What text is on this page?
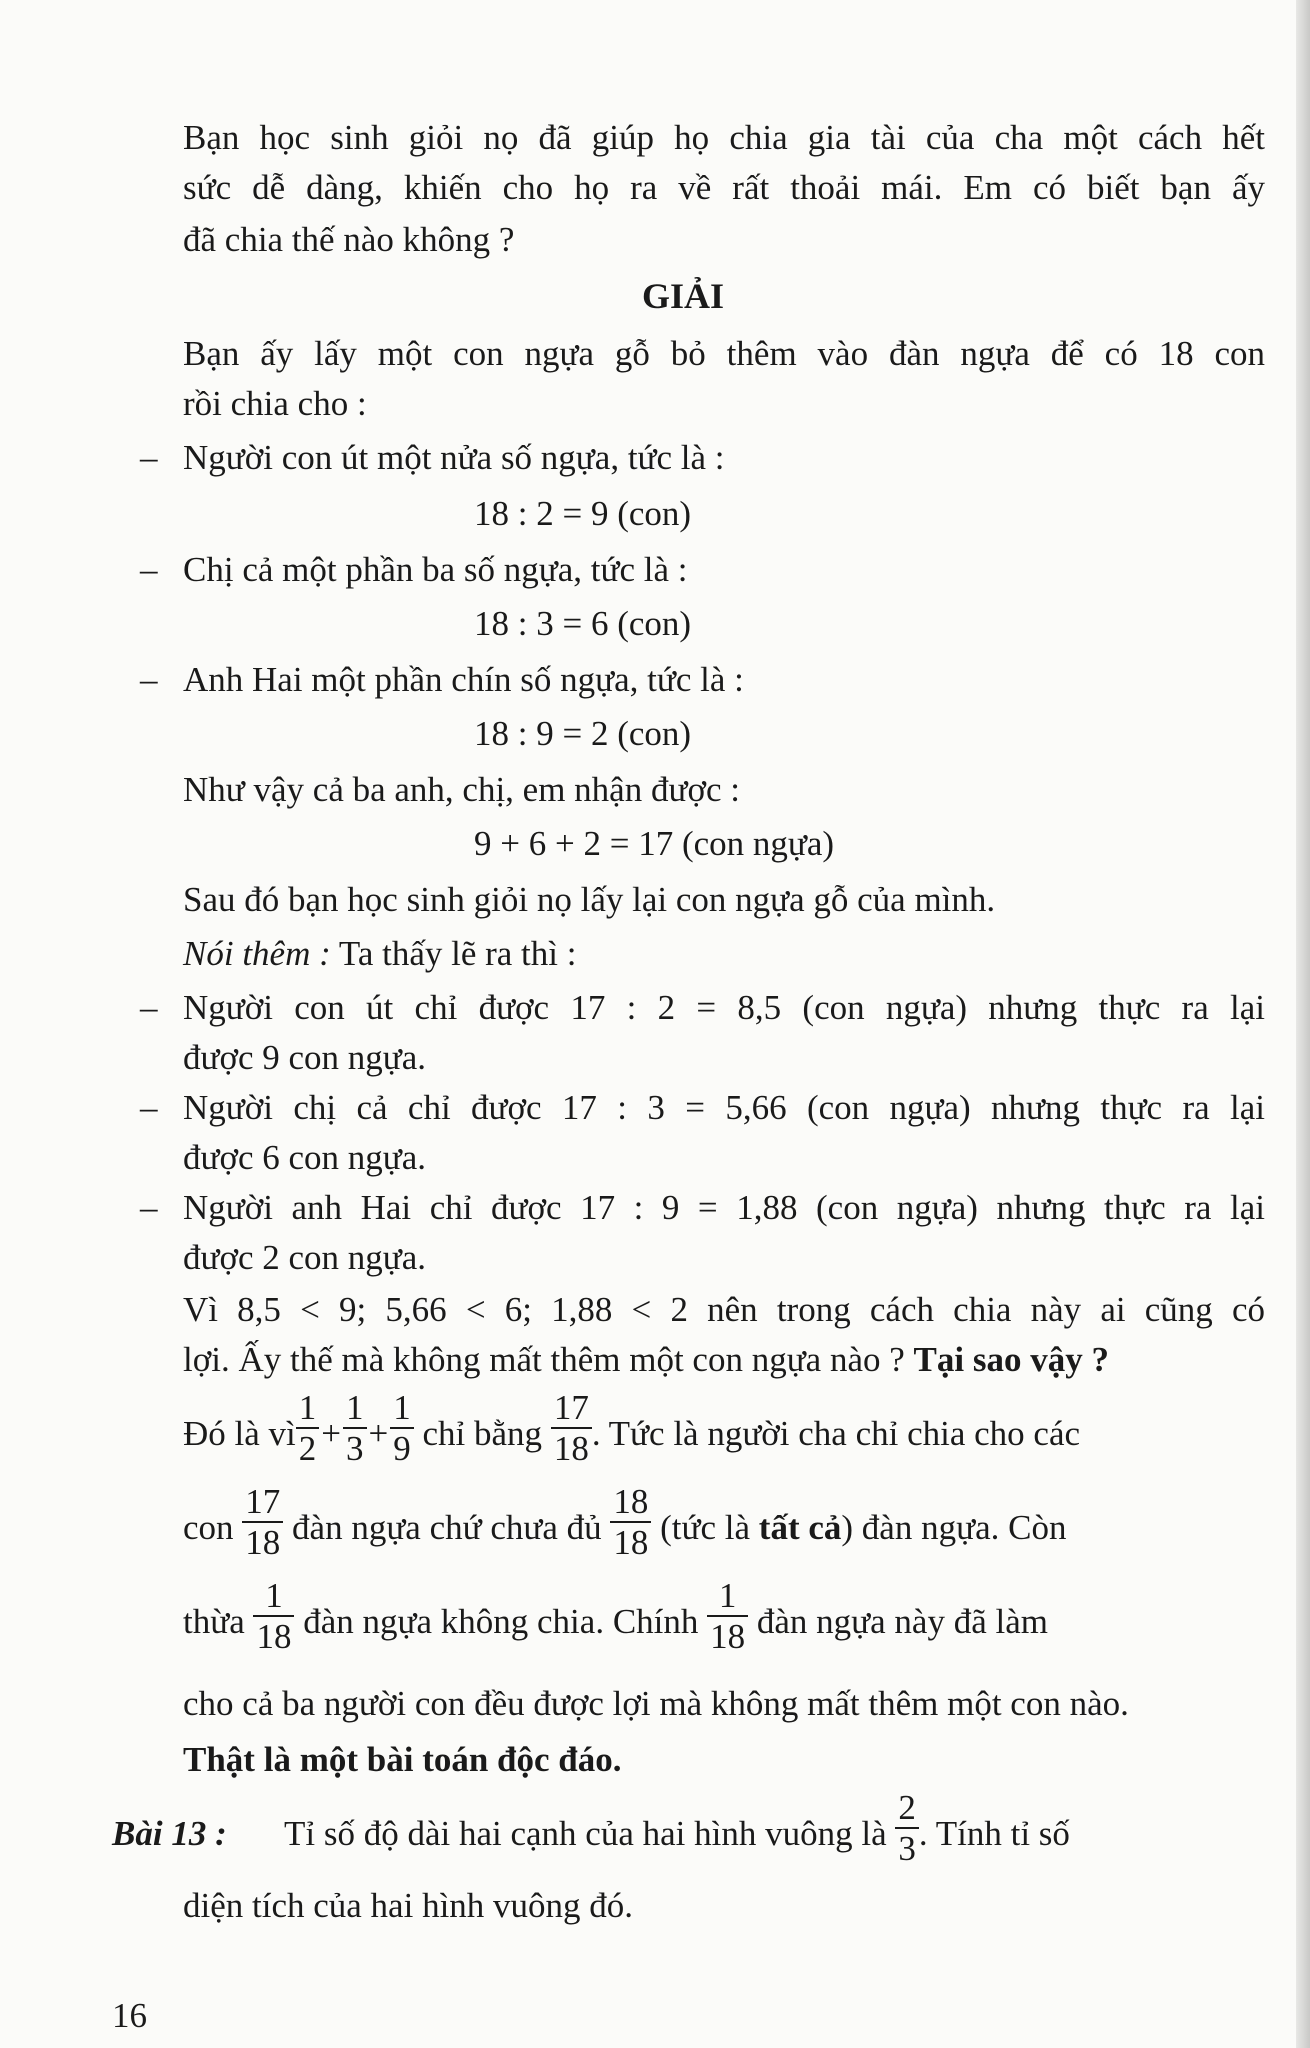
Bạn học sinh giỏi nọ đã giúp họ chia gia tài của cha một cách hết
sức dễ dàng, khiến cho họ ra về rất thoải mái. Em có biết bạn ấy
đã chia thế nào không ?
GIẢI
Bạn ấy lấy một con ngựa gỗ bỏ thêm vào đàn ngựa để có 18 con
rồi chia cho :
– Người con út một nửa số ngựa, tức là :
18 : 2 = 9 (con)
– Chị cả một phần ba số ngựa, tức là :
18 : 3 = 6 (con)
– Anh Hai một phần chín số ngựa, tức là :
18 : 9 = 2 (con)
Như vậy cả ba anh, chị, em nhận được :
9 + 6 + 2 = 17 (con ngựa)
Sau đó bạn học sinh giỏi nọ lấy lại con ngựa gỗ của mình.
Nói thêm : Ta thấy lẽ ra thì :
– Người con út chỉ được 17 : 2 = 8,5 (con ngựa) nhưng thực ra lại
được 9 con ngựa.
– Người chị cả chỉ được 17 : 3 = 5,66 (con ngựa) nhưng thực ra lại
được 6 con ngựa.
– Người anh Hai chỉ được 17 : 9 = 1,88 (con ngựa) nhưng thực ra lại
được 2 con ngựa.
Vì 8,5 < 9; 5,66 < 6; 1,88 < 2 nên trong cách chia này ai cũng có
lợi. Ấy thế mà không mất thêm một con ngựa nào ? Tại sao vậy ?
Đó là vì $\frac{1}{2} + \frac{1}{3} + \frac{1}{9}$ chỉ bằng $\frac{17}{18}$ . Tức là người cha chỉ chia cho các
con $\frac{17}{18}$ đàn ngựa chứ chưa đủ $\frac{18}{18}$ (tức là tất cả ) đàn ngựa. Còn
thừa $\frac{1}{18}$ đàn ngựa không chia. Chính $\frac{1}{18}$ đàn ngựa này đã làm
cho cả ba người con đều được lợi mà không mất thêm một con nào.
Thật là một bài toán độc đáo.
Bài 13 :	Tỉ số độ dài hai cạnh của hai hình vuông là $\frac{2}{3}$ . Tính tỉ số
diện tích của hai hình vuông đó.
16
